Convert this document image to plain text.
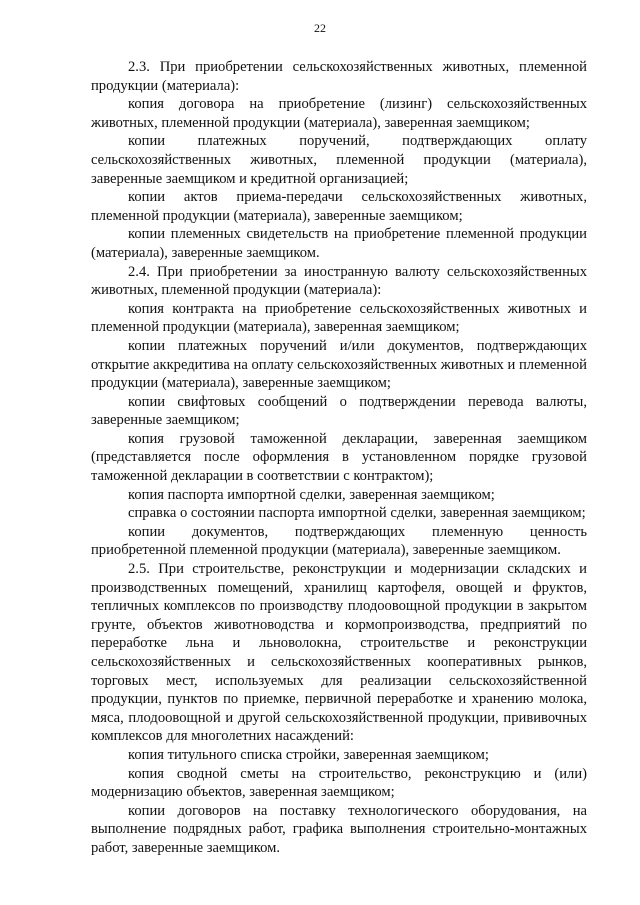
22

2.3. При приобретении сельскохозяйственных животных, племенной продукции (материала):

копия договора на приобретение (лизинг) сельскохозяйственных животных, племенной продукции (материала), заверенная заемщиком;

копии платежных поручений, подтверждающих оплату сельскохозяйственных животных, племенной продукции (материала), заверенные заемщиком и кредитной организацией;

копии актов приема-передачи сельскохозяйственных животных, племенной продукции (материала), заверенные заемщиком;

копии племенных свидетельств на приобретение племенной продукции (материала), заверенные заемщиком.

2.4. При приобретении за иностранную валюту сельскохозяйственных животных, племенной продукции (материала):

копия контракта на приобретение сельскохозяйственных животных и племенной продукции (материала), заверенная заемщиком;

копии платежных поручений и/или документов, подтверждающих открытие аккредитива на оплату сельскохозяйственных животных и племенной продукции (материала), заверенные заемщиком;

копии свифтовых сообщений о подтверждении перевода валюты, заверенные заемщиком;

копия грузовой таможенной декларации, заверенная заемщиком (представляется после оформления в установленном порядке грузовой таможенной декларации в соответствии с контрактом);

копия паспорта импортной сделки, заверенная заемщиком;

справка о состоянии паспорта импортной сделки, заверенная заемщиком;

копии документов, подтверждающих племенную ценность приобретенной племенной продукции (материала), заверенные заемщиком.

2.5. При строительстве, реконструкции и модернизации складских и производственных помещений, хранилищ картофеля, овощей и фруктов, тепличных комплексов по производству плодоовощной продукции в закрытом грунте, объектов животноводства и кормопроизводства, предприятий по переработке льна и льноволокна, строительстве и реконструкции сельскохозяйственных и сельскохозяйственных кооперативных рынков, торговых мест, используемых для реализации сельскохозяйственной продукции, пунктов по приемке, первичной переработке и хранению молока, мяса, плодоовощной и другой сельскохозяйственной продукции, прививочных комплексов для многолетних насаждений:

копия титульного списка стройки, заверенная заемщиком;

копия сводной сметы на строительство, реконструкцию и (или) модернизацию объектов, заверенная заемщиком;

копии договоров на поставку технологического оборудования, на выполнение подрядных работ, графика выполнения строительно-монтажных работ, заверенные заемщиком.
